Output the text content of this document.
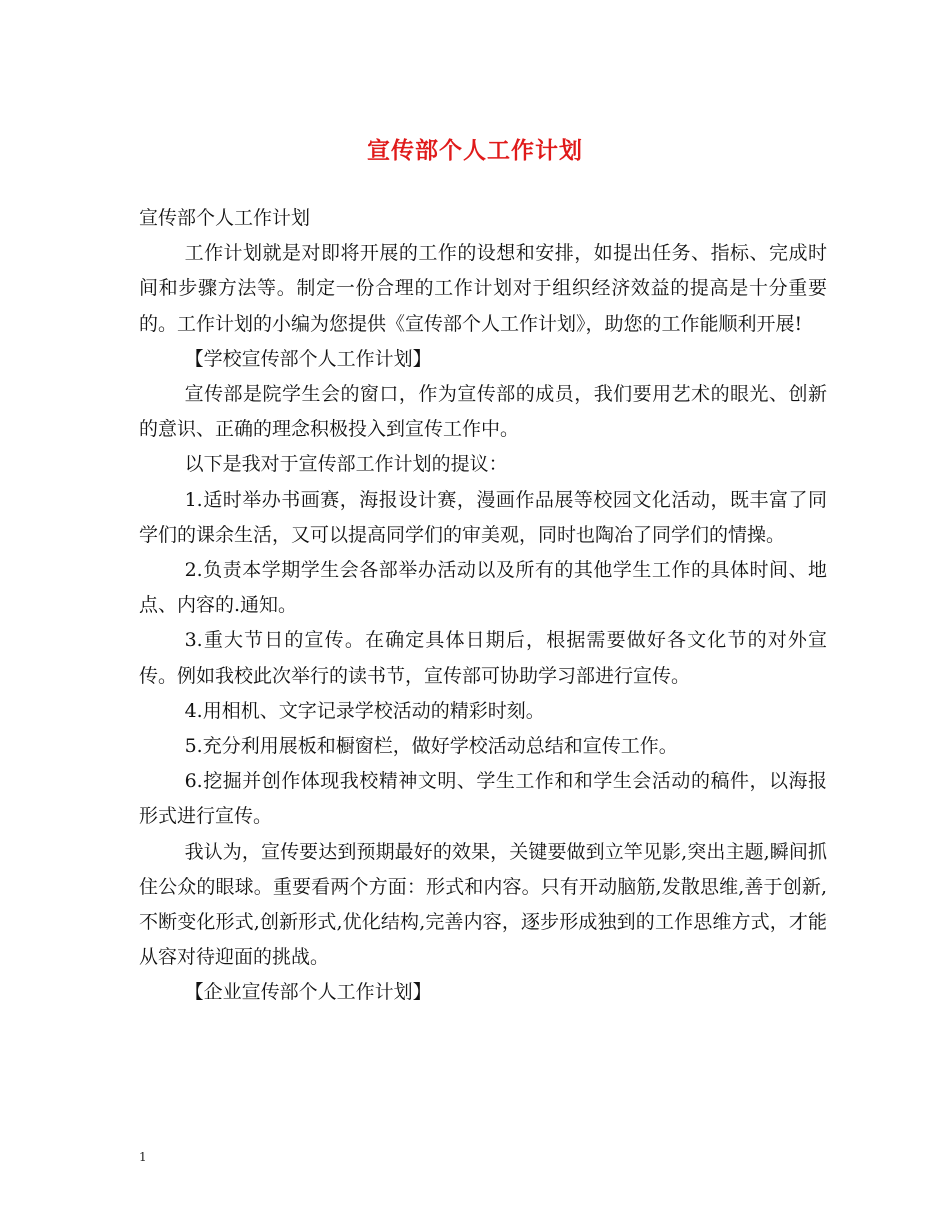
宣传部个人工作计划

宣传部个人工作计划

工作计划就是对即将开展的工作的设想和安排，如提出任务、指标、完成时间和步骤方法等。制定一份合理的工作计划对于组织经济效益的提高是十分重要的。工作计划的小编为您提供《宣传部个人工作计划》，助您的工作能顺利开展!

【学校宣传部个人工作计划】

宣传部是院学生会的窗口，作为宣传部的成员，我们要用艺术的眼光、创新的意识、正确的理念积极投入到宣传工作中。

以下是我对于宣传部工作计划的提议：

1.适时举办书画赛，海报设计赛，漫画作品展等校园文化活动，既丰富了同学们的课余生活，又可以提高同学们的审美观，同时也陶冶了同学们的情操。

2.负责本学期学生会各部举办活动以及所有的其他学生工作的具体时间、地点、内容的.通知。

3.重大节日的宣传。在确定具体日期后，根据需要做好各文化节的对外宣传。例如我校此次举行的读书节，宣传部可协助学习部进行宣传。

4.用相机、文字记录学校活动的精彩时刻。

5.充分利用展板和橱窗栏，做好学校活动总结和宣传工作。

6.挖掘并创作体现我校精神文明、学生工作和和学生会活动的稿件，以海报形式进行宣传。

我认为，宣传要达到预期最好的效果，关键要做到立竿见影,突出主题,瞬间抓住公众的眼球。重要看两个方面：形式和内容。只有开动脑筋,发散思维,善于创新,不断变化形式,创新形式,优化结构,完善内容，逐步形成独到的工作思维方式，才能从容对待迎面的挑战。

【企业宣传部个人工作计划】

1
